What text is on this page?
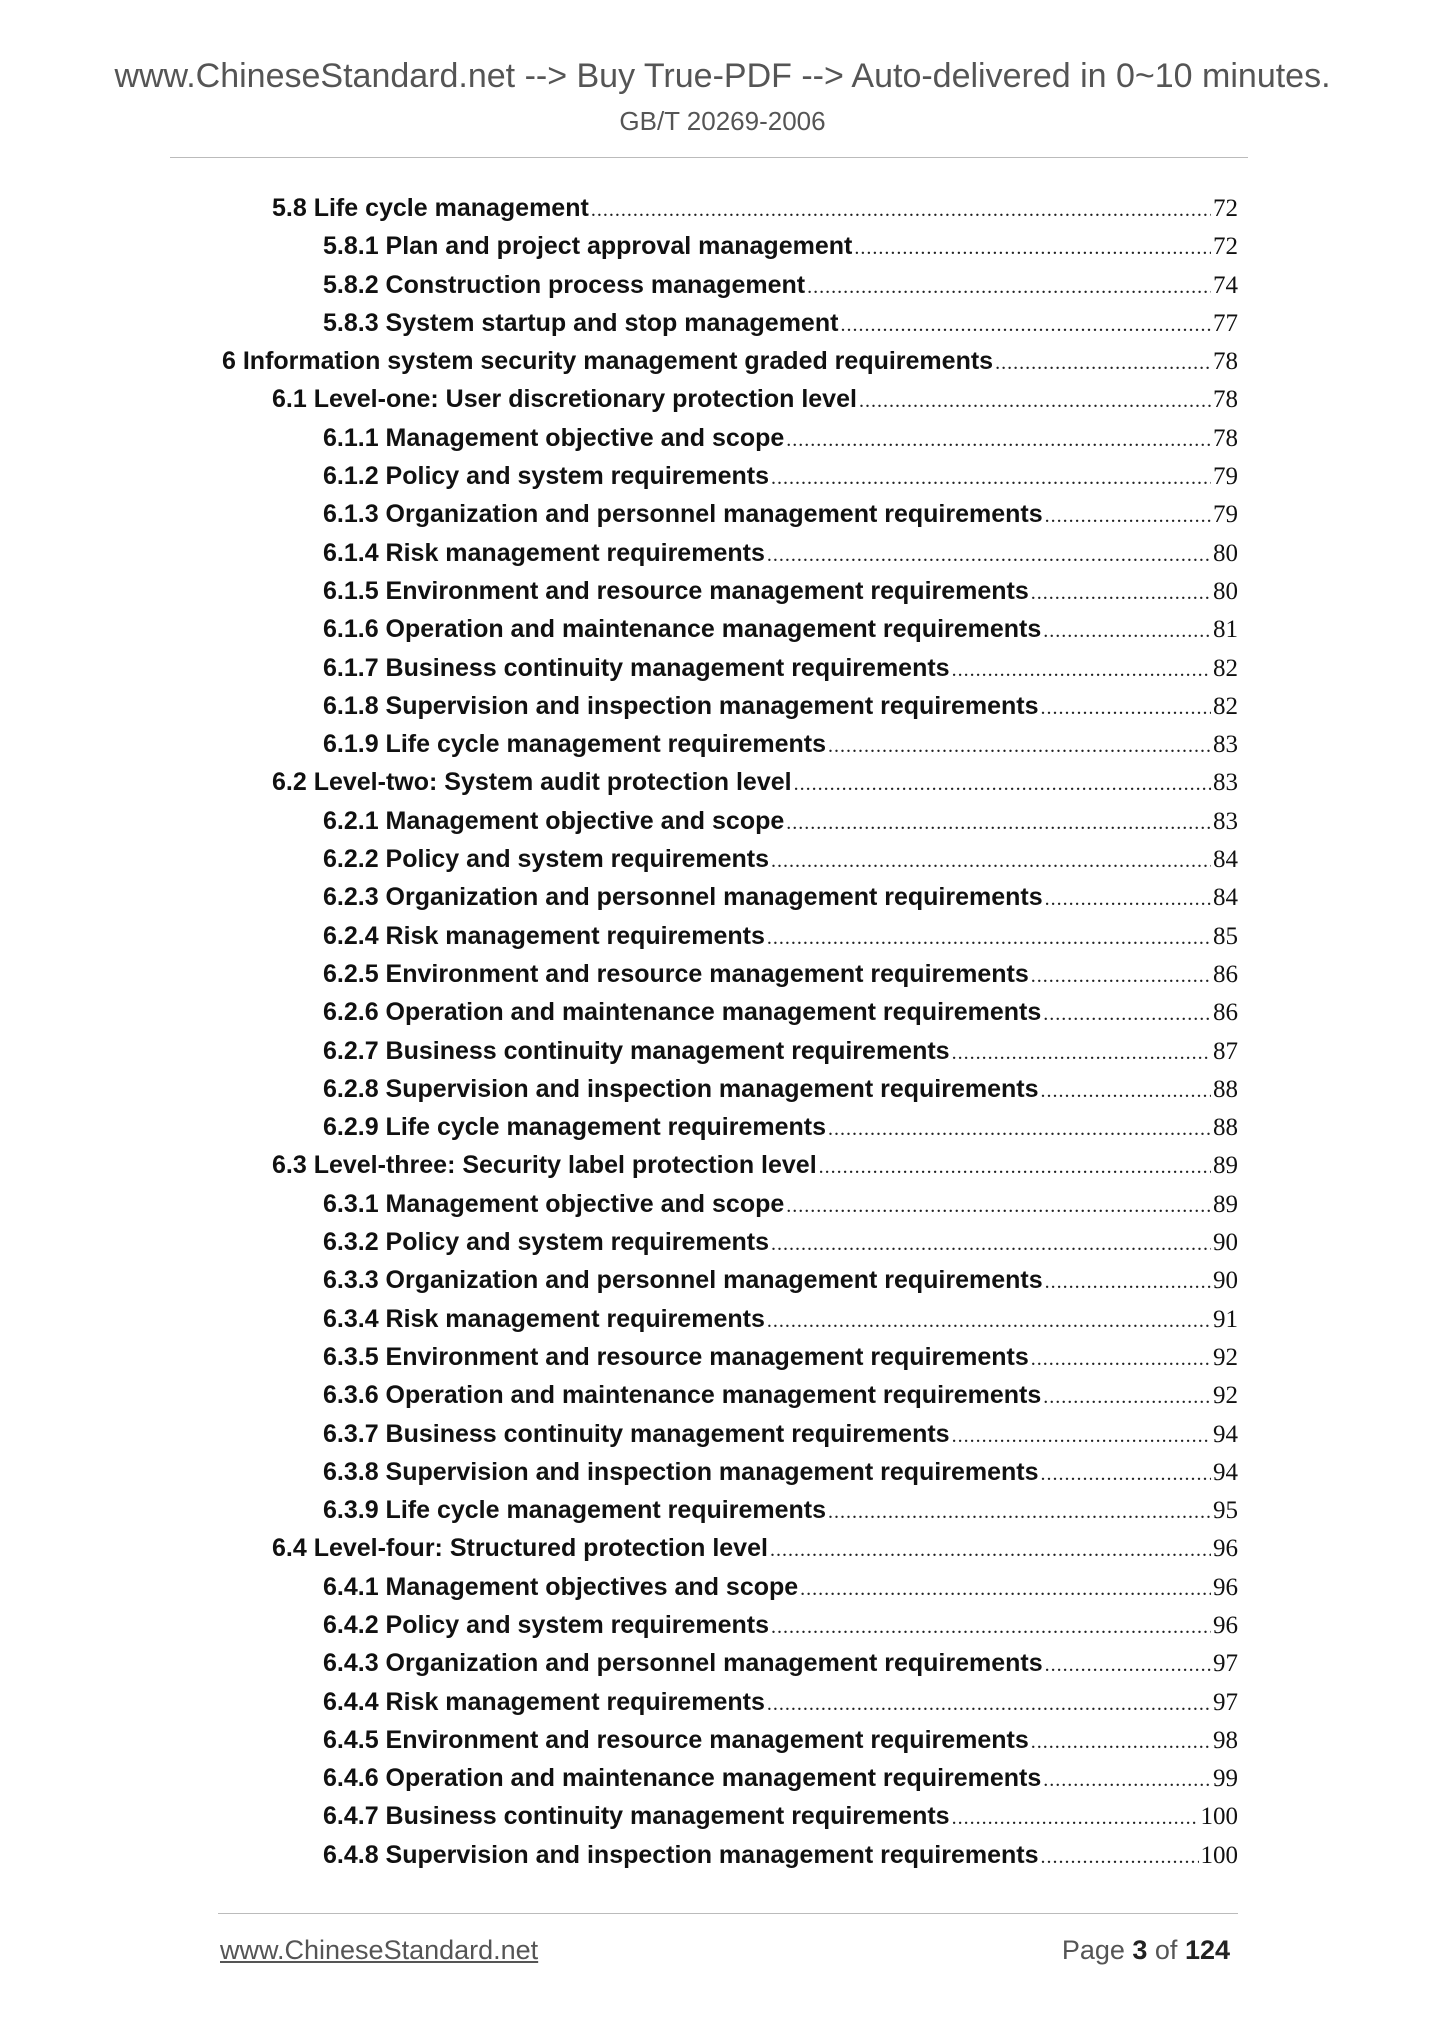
www.ChineseStandard.net --> Buy True-PDF --> Auto-delivered in 0~10 minutes.
GB/T 20269-2006
5.8 Life cycle management .....	72
5.8.1 Plan and project approval management .....	72
5.8.2 Construction process management .....	74
5.8.3 System startup and stop management .....	77
6 Information system security management graded requirements .....	78
6.1 Level-one: User discretionary protection level .....	78
6.1.1 Management objective and scope .....	78
6.1.2 Policy and system requirements .....	79
6.1.3 Organization and personnel management requirements .....	79
6.1.4 Risk management requirements .....	80
6.1.5 Environment and resource management requirements .....	80
6.1.6 Operation and maintenance management requirements .....	81
6.1.7 Business continuity management requirements .....	82
6.1.8 Supervision and inspection management requirements .....	82
6.1.9 Life cycle management requirements .....	83
6.2 Level-two: System audit protection level .....	83
6.2.1 Management objective and scope .....	83
6.2.2 Policy and system requirements .....	84
6.2.3 Organization and personnel management requirements .....	84
6.2.4 Risk management requirements .....	85
6.2.5 Environment and resource management requirements .....	86
6.2.6 Operation and maintenance management requirements .....	86
6.2.7 Business continuity management requirements .....	87
6.2.8 Supervision and inspection management requirements .....	88
6.2.9 Life cycle management requirements .....	88
6.3 Level-three: Security label protection level .....	89
6.3.1 Management objective and scope .....	89
6.3.2 Policy and system requirements .....	90
6.3.3 Organization and personnel management requirements .....	90
6.3.4 Risk management requirements .....	91
6.3.5 Environment and resource management requirements .....	92
6.3.6 Operation and maintenance management requirements .....	92
6.3.7 Business continuity management requirements .....	94
6.3.8 Supervision and inspection management requirements .....	94
6.3.9 Life cycle management requirements .....	95
6.4 Level-four: Structured protection level .....	96
6.4.1 Management objectives and scope .....	96
6.4.2 Policy and system requirements .....	96
6.4.3 Organization and personnel management requirements .....	97
6.4.4 Risk management requirements .....	97
6.4.5 Environment and resource management requirements .....	98
6.4.6 Operation and maintenance management requirements .....	99
6.4.7 Business continuity management requirements .....	100
6.4.8 Supervision and inspection management requirements .....	100
www.ChineseStandard.net	Page 3 of 124
